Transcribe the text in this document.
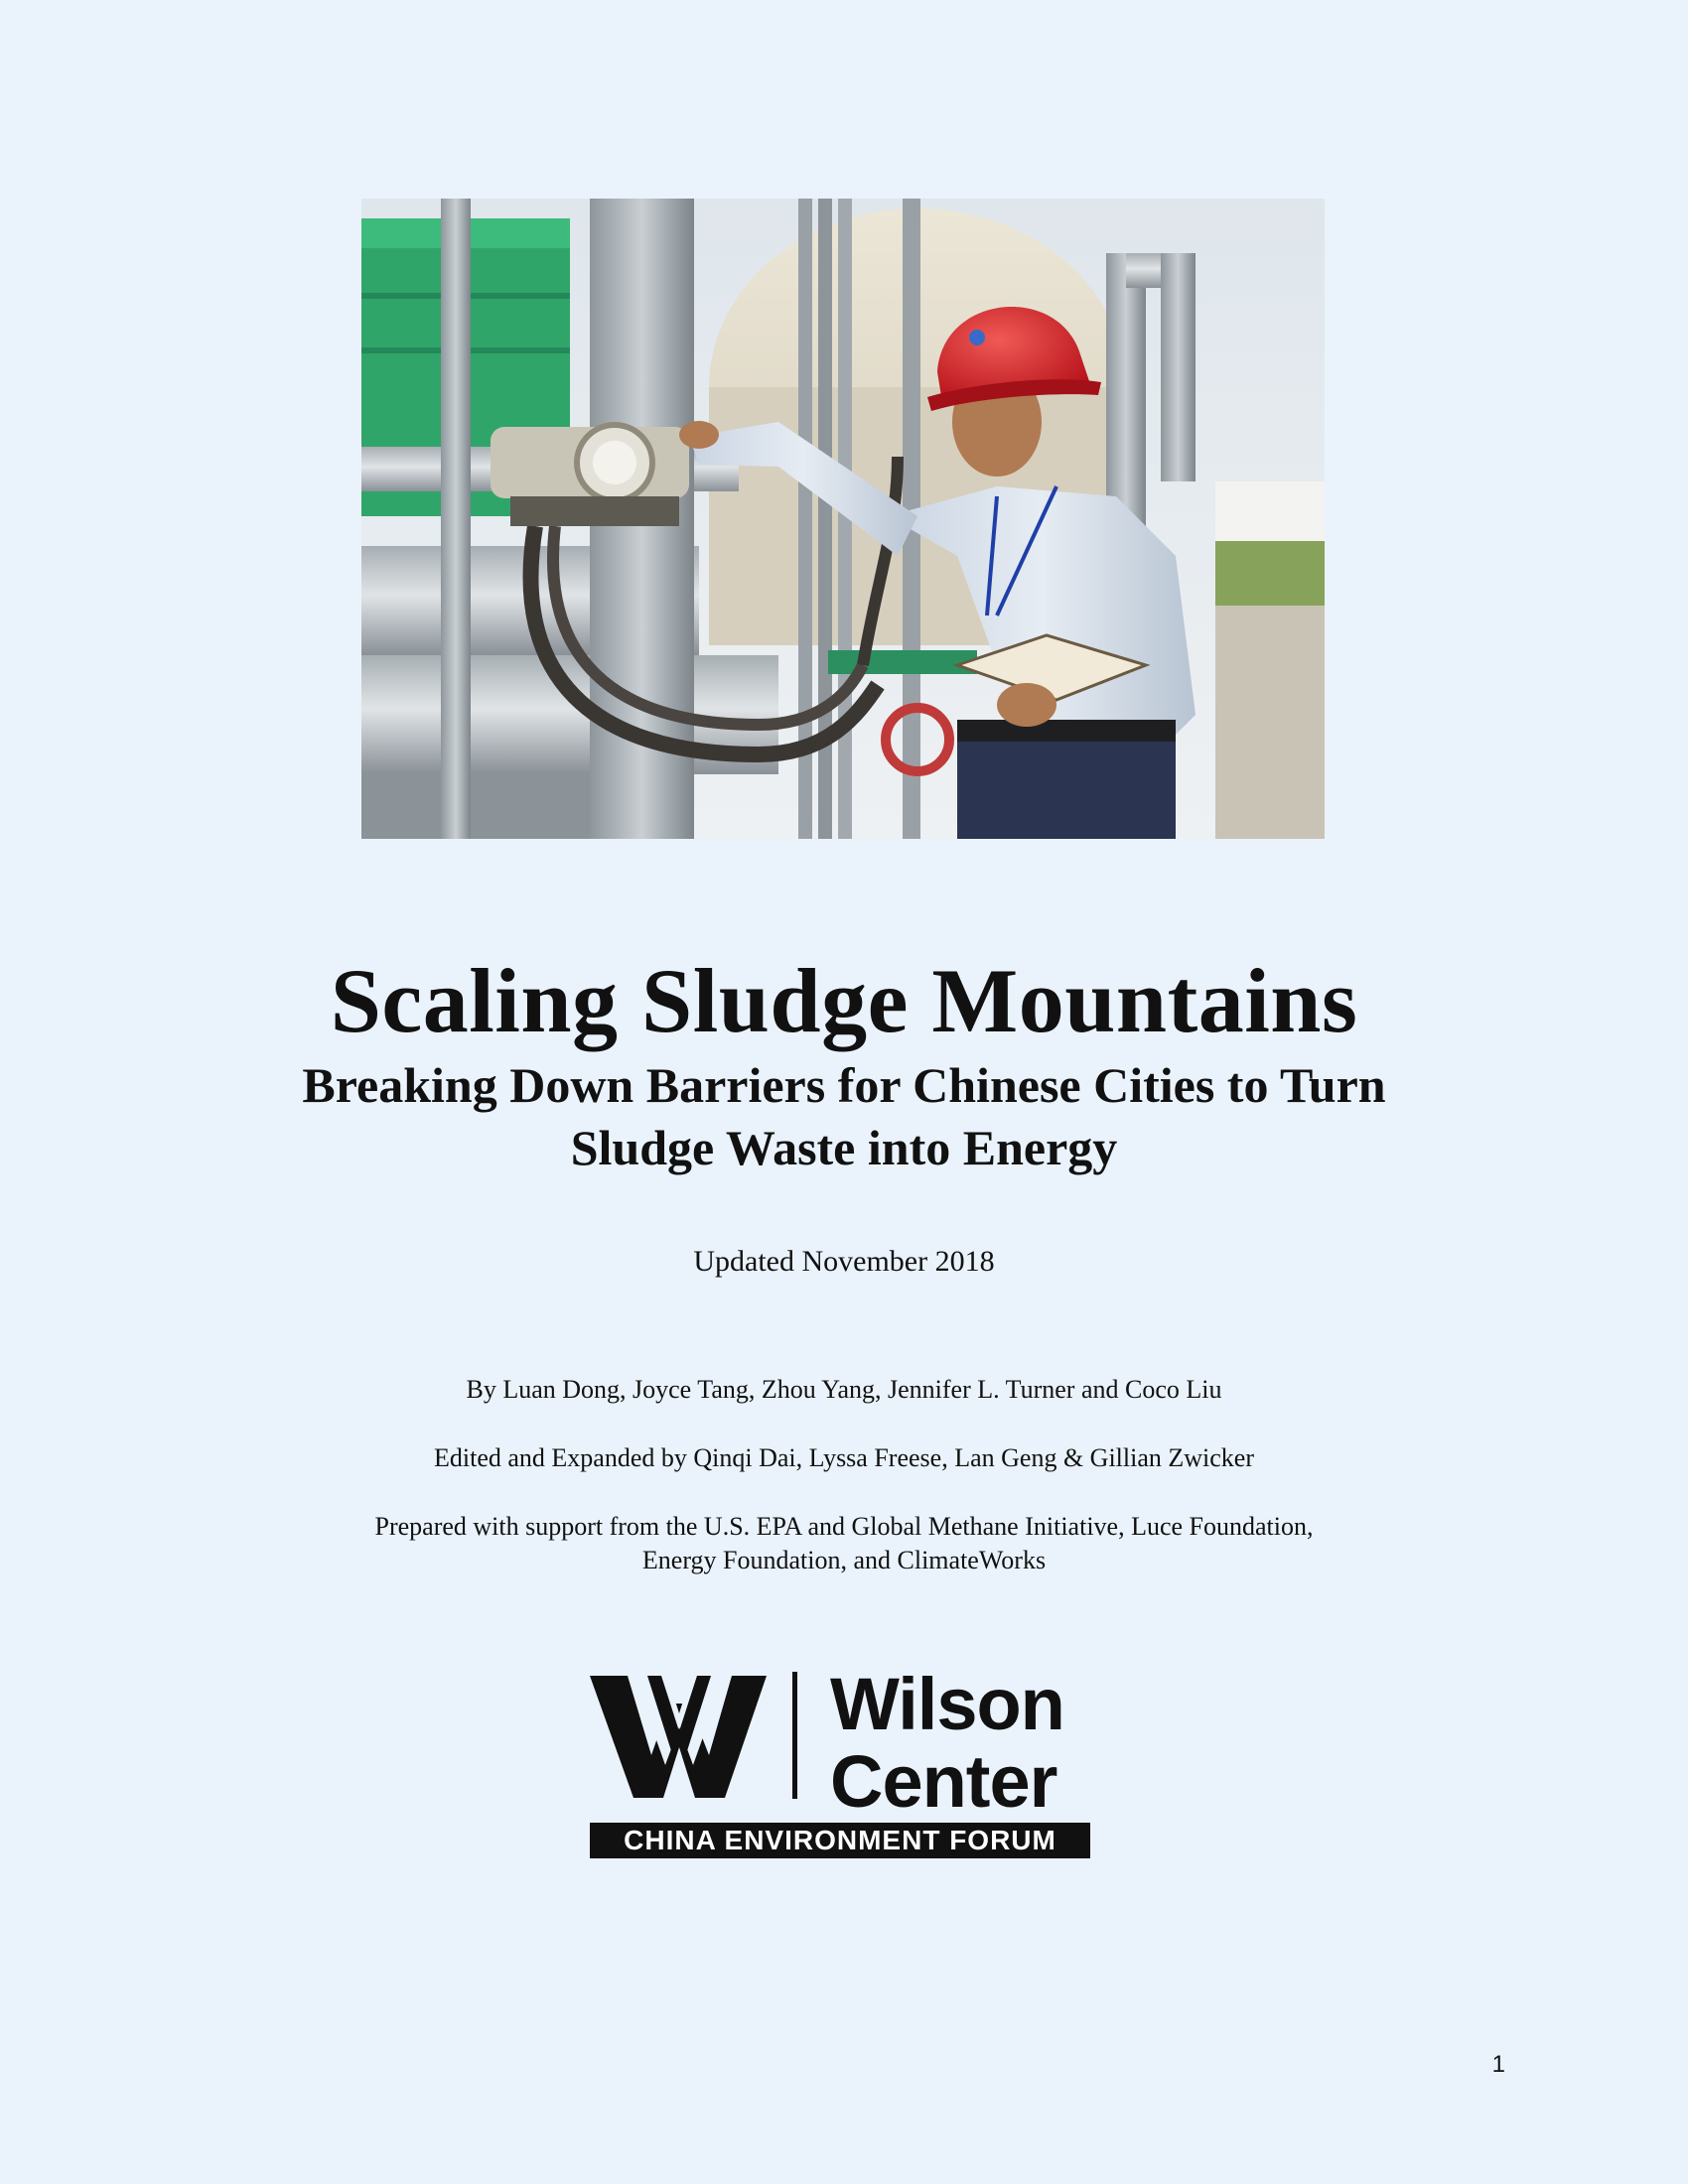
Scaling Sludge Mountains
Breaking Down Barriers for Chinese Cities to Turn
Sludge Waste into Energy
Updated November 2018
By Luan Dong, Joyce Tang, Zhou Yang, Jennifer L. Turner and Coco Liu
Edited and Expanded by Qinqi Dai, Lyssa Freese, Lan Geng & Gillian Zwicker
Prepared with support from the U.S. EPA and Global Methane Initiative, Luce Foundation,
Energy Foundation, and ClimateWorks
Wilson
Center
CHINA ENVIRONMENT FORUM
1
